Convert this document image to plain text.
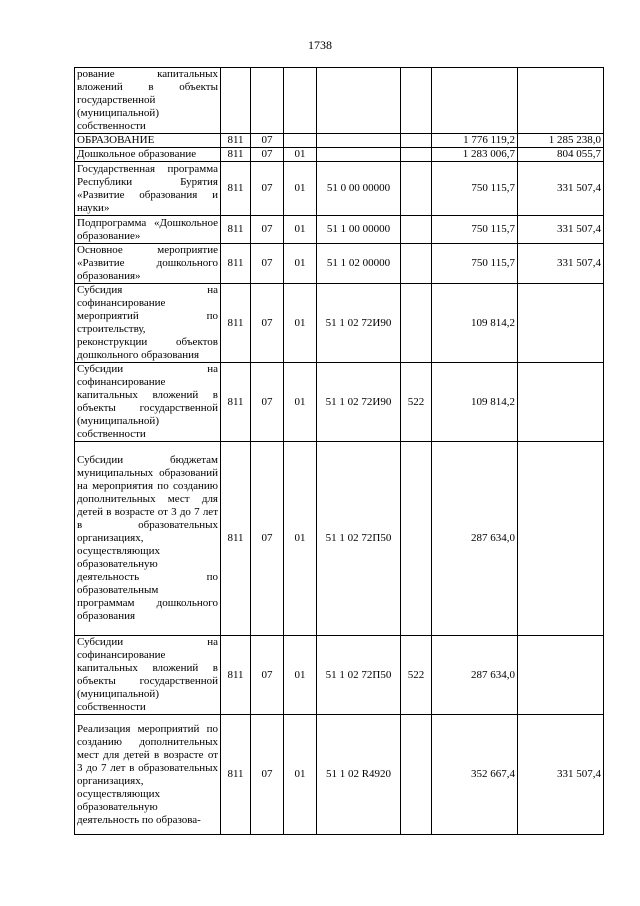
1738
рование капитальных вложений в объекты государственной (муниципальной) собственности							
ОБРАЗОВАНИЕ	811	07				1 776 119,2	1 285 238,0
Дошкольное образование	811	07	01			1 283 006,7	804 055,7
Государственная программа Республики Бурятия «Развитие образования и науки»	811	07	01	51 0 00 00000		750 115,7	331 507,4
Подпрограмма «Дошкольное образование»	811	07	01	51 1 00 00000		750 115,7	331 507,4
Основное мероприятие «Развитие дошкольного образования»	811	07	01	51 1 02 00000		750 115,7	331 507,4
Субсидия на софинансирование мероприятий по строительству, реконструкции объектов дошкольного образования	811	07	01	51 1 02 72И90		109 814,2	
Субсидии на софинансирование капитальных вложений в объекты государственной (муниципальной) собственности	811	07	01	51 1 02 72И90	522	109 814,2	
Субсидии бюджетам муниципальных образований на мероприятия по созданию дополнительных мест для детей в возрасте от 3 до 7 лет в образовательных организациях, осуществляющих образовательную деятельность по образовательным программам дошкольного образования	811	07	01	51 1 02 72П50		287 634,0	
Субсидии на софинансирование капитальных вложений в объекты государственной (муниципальной) собственности	811	07	01	51 1 02 72П50	522	287 634,0	
Реализация мероприятий по созданию дополнительных мест для детей в возрасте от 3 до 7 лет в образовательных организациях, осуществляющих образовательную деятельность по образова-	811	07	01	51 1 02 R4920		352 667,4	331 507,4
